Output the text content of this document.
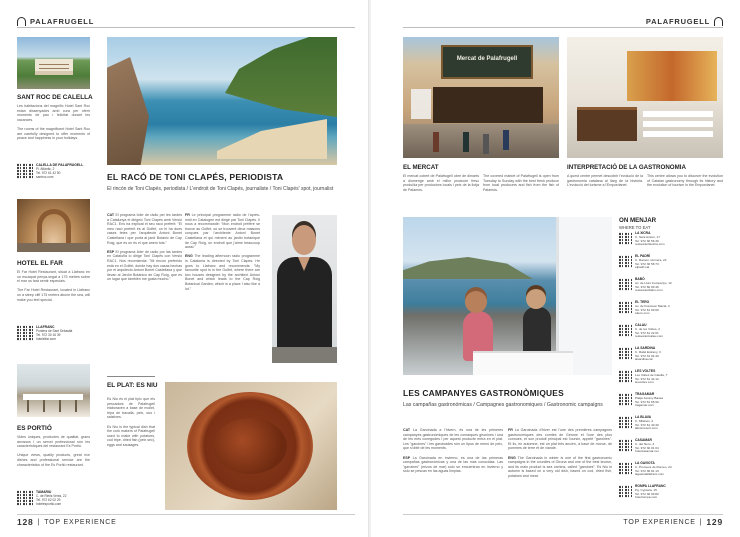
PALAFRUGELL
SANT ROC DE CALELLA
Les habitacions del magnífic Hotel Sant Roc estan dissenyades amb cura per oferir moments de pau i felicitat durant les vacances.

The rooms of the magnificent Hotel Sant Roc are carefully designed to offer moments of peace and happiness in your holidays.
CALELLA DE PALAFRUGELL
Pl. Atlàntic, 2
Tel. 972 61 42 50
santroc.com
HOTEL EL FAR
El Far Hotel Restaurant, situat a Llafranc en un escarpat penya-segat a 175 metres sobre el mar us farà sentir especials.

The Far Hotel Restaurant, located in Llafranc on a steep cliff 175 meters above the sea, will make you feel special.
LLAFRANC
Puntera de Sant Sebastià
Tel. 972 30 16 39
hotelelfar.com
ES PORTIÓ
Vides úniques, productes de qualitat, grans arrossos i un servei professional són les característiques del restaurant Es Portió.

Unique views, quality products, great rice dishes and professional service are the characteristics of the Es Portió restaurant.
TAMARIU
C. de Riells Vents, 22
Tel. 972 62 02 29
hotelesportio.com
EL RACÓ DE TONI CLAPÉS, PERIODISTA
El rincón de Toni Clapés, periodista / L'endroit de Toni Clapés, journaliste / Toni Clapés' spot, journalist
CAT El programa líder de ràdio per les tardes a Catalunya el dirigeix Toni Clapés amb Versió RAC1. Ens ha explicat el seu racó preferit: "El meu racó preferit és al Golfet, on hi ha dues cases fetes per l'arquitecte Antoni Bonet Castellana i que porta al jardí Botànic de Cap Roig, que és on és el que anem tots."

ESP El programa líder de radio por las tardes en Cataluña lo dirige Toni Clapés con Versió RAC1. Nos recomienda: "Mi rincón preferido está en el Golfet, donde hay dos casas hechas por el arquitecto Antoni Bonet Castellana y que llevan al Jardín Botánico de Cap Roig, que es un lugar que también me gusta mucho."
FR Le principal programme radio de l'après-midi en Catalogne est dirigé par Toni Clapés. Il nous a recommandé: "Mon endroit préféré se trouve au Golfet, où se trouvent deux maisons conçues par l'architecte Antoni Bonet Castellana et qui mènent au jardin botanique de Cap Roig, un endroit que j'aime beaucoup aussi."

ENG The leading afternoon radio programme in Catalonia is directed by Toni Clapés. He goes to Llafranc and recommends: "My favourite spot is in the Golfet, where there are two houses designed by the architect Antoni Bonet and which leads to the Cap Roig Botanical Garden, which is a place I also like a lot."
EL PLAT: ES NIU
Es Niu és el plat típic que els pescadors de Palafrugell elaboraven a base de mollet, tripa de bacallà, peix, ous i salsitxes.

Es Niu is the typical dish that the cork makers of Palafrugell used to make with potatoes, cod tripe, dried fish (peix sec), eggs and sausages.
128 | TOP EXPERIENCE
PALAFRUGELL
Mercat de Palafrugell
EL MERCAT
El mercat cobert de Palafrugell obre de dimarts a diumenge amb el millor producte fresc produïda per productors locals i peix de la llotja de Palamós.
The covered market of Palafrugell is open from Tuesday to Sunday with the best fresh produce from local producers and fish from the fish of Palamós.
INTERPRETACIÓ DE LA GASTRONOMIA
A quest centre permet descobrir l'evolució de la gastronomia catalana al llarg de la història. L'evolució del turisme a l'Empordanet.
This centre allows you to discover the evolution of Catalan gastronomy through its history and the evolution of tourism in the Empordanet.
ON MENJAR
WHERE TO EAT
LA XICRA
C. Sant Antoni, 17
Tel. 972 30 56 30
restaurantlaxicra.com
EL PADRÍ
C. Ramon i Armera, 24
Tel. 972 30 58 73
elpadri.cat
BABÓ
Av. de Lluís Companys, 12
Tel. 972 60 09 46
restaurantbabo.com
EL TERO
Av. de Francesc Macià, 4
Tel. 972 61 09 60
eltero.com
CALAU
C. de les Voltes, 2
Tel. 972 61 22 01
restaurantcalau.com
LA SARDINA
C. Rafel Estrany, 3
Tel. 972 31 04 40
lasardina.cat
LES VOLTES
Les Voltes de Calella, 7
Tel. 972 61 44 12
lesvoltes.com
TRAGAMAR
Platja Jammy Bassa
Tel. 972 61 65 90
tragamar.com
LA BLAVA
C. Milanès, 2
Tel. 972 61 40 40
labvinresort.com
CASAMAR
C. del Nero, 3
Tel. 972 30 01 04
hotelcasamar.net
LA GAVIOTA
C. Promeos de Romeo, 24
Tel. 972 30 81 13
lagaviotallafranc.com
ROMPA LLAFRANC
Pg. Cypsela, 15
Tel. 972 30 09 82
hotelrompa.com
LES CAMPANYES GASTRONÒMIQUES
Las campañas gastronómicas / Campagnes gastronomiques / Gastronomic campaigns
CAT La Garoinada a l'hivern, és una de les primeres campanyes gastronòmiques de les comarques gironines i una de les més conegudes i per aquest producte entra en el plat. Les "garoines" i les garoinades són un tipus de menú de peix, que s'obté de les moments.

ESP La Garoinada en invierno, es una de las primeras campañas gastronómicas y una de las más conocidas. Las "garoines" (erizos de mar) solo se encuentran en invierno y solo se pescan en las aguas limpias.
FR La Garoinada d'hiver est l'une des premières campagnes gastronomiques des comtés de Gérone et l'une des plus connues, et son produit principal est l'oursin, appelé "garoines". Et ils, en automne, est un plat très ancien, à base de morue, de pommes de terre et de viande.

ENG The Garoinada in winter is one of the first gastronomic campaigns in the counties of Girona and one of the best known, and its main product is sea urchins, called "garoines". Es Niu in autumn is based on a very old dish, based on cod, dried fish, potatoes and meat.
TOP EXPERIENCE | 129
